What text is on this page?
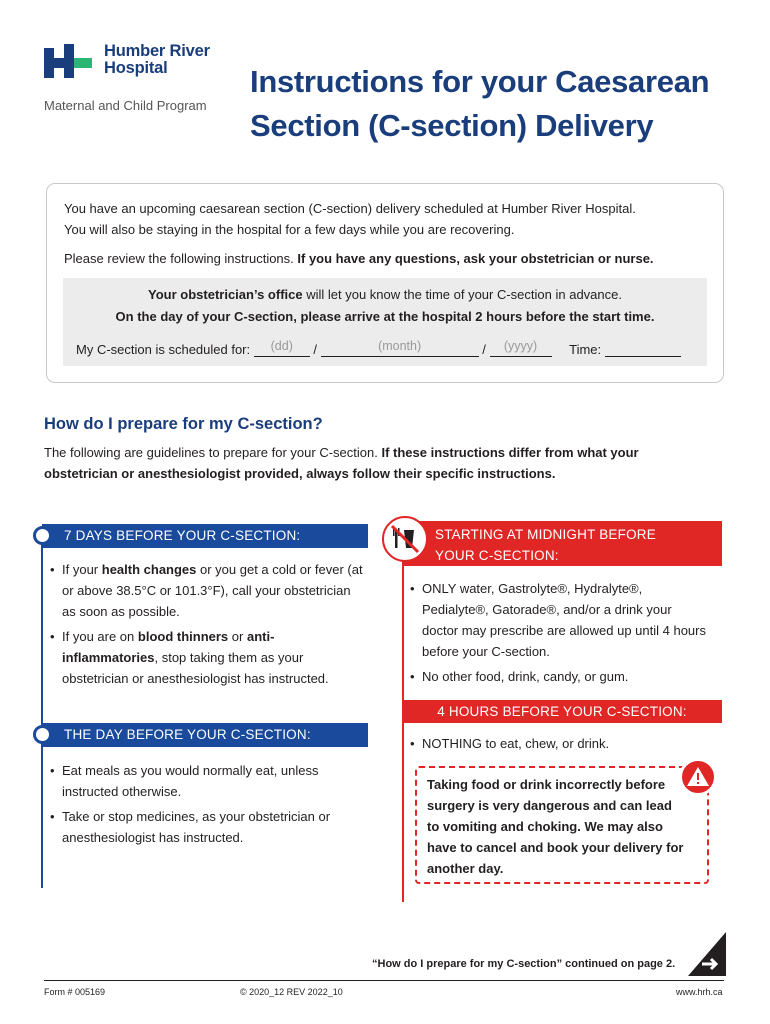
Humber River
Hospital
Maternal and Child Program
Instructions for your Caesarean
Section (C-section) Delivery
You have an upcoming caesarean section (C-section) delivery scheduled at Humber River Hospital.
You will also be staying in the hospital for a few days while you are recovering.
Please review the following instructions. If you have any questions, ask your obstetrician or nurse.
Your obstetrician’s office will let you know the time of your C-section in advance.
On the day of your C-section, please arrive at the hospital 2 hours before the start time.
My C-section is scheduled for: (dd) /	(month)	/ (yyyy) Time:
How do I prepare for my C-section?
The following are guidelines to prepare for your C-section. If these instructions differ from what your
obstetrician or anesthesiologist provided, always follow their specific instructions.
7 DAYS BEFORE YOUR C-SECTION:
• If your health changes or you get a cold or fever (at or above 38.5°C or 101.3°F), call your obstetrician as soon as possible.
• If you are on blood thinners or anti-inflammatories, stop taking them as your obstetrician or anesthesiologist has instructed.
THE DAY BEFORE YOUR C-SECTION:
• Eat meals as you would normally eat, unless instructed otherwise.
• Take or stop medicines, as your obstetrician or anesthesiologist has instructed.
STARTING AT MIDNIGHT BEFORE
YOUR C-SECTION:
• ONLY water, Gastrolyte®, Hydralyte®, Pedialyte®, Gatorade®, and/or a drink your doctor may prescribe are allowed up until 4 hours before your C-section.
• No other food, drink, candy, or gum.
4 HOURS BEFORE YOUR C-SECTION:
• NOTHING to eat, chew, or drink.
Taking food or drink incorrectly before surgery is very dangerous and can lead to vomiting and choking. We may also have to cancel and book your delivery for another day.
“How do I prepare for my C-section” continued on page 2.
Form # 005169	© 2020_12 REV 2022_10	www.hrh.ca
